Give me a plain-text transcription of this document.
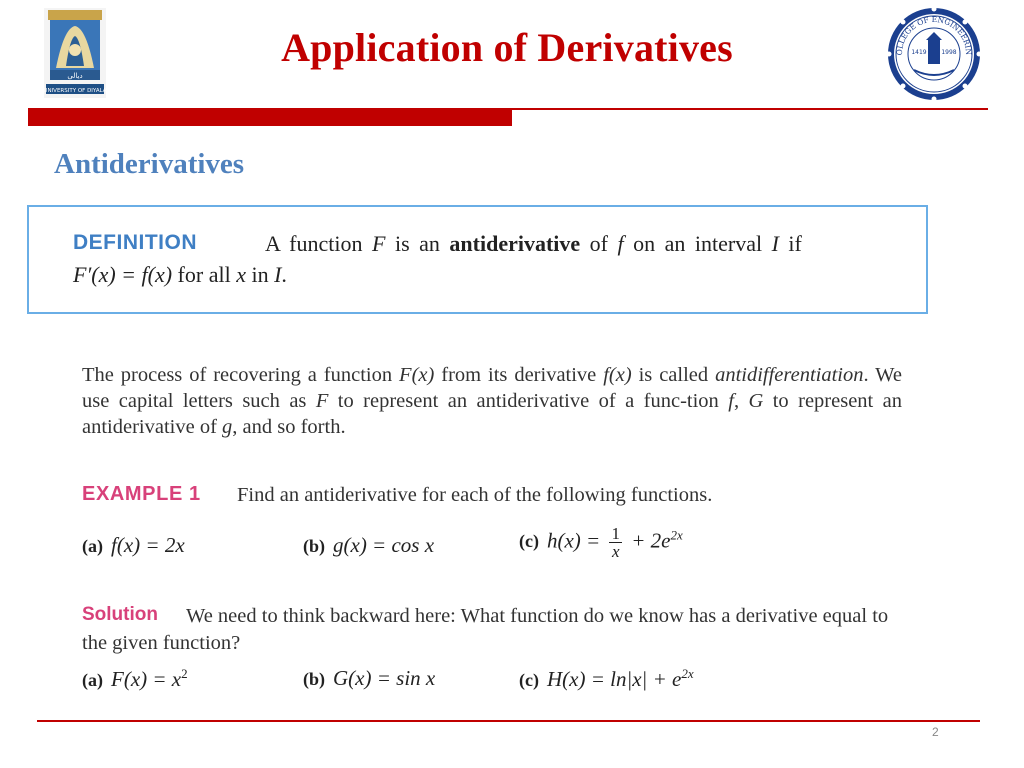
ﺩﻳﺎﻟﻰ
UNIVERSITY OF DIYALA
Application of Derivatives	OLLEGE OF ENGINEERIN
1419 1998
Antiderivatives
DEFINITION	A function F is an antiderivative of f on an interval I if
F′(x) = f(x) for all x in I.
The process of recovering a function F(x) from its derivative f(x) is called antidifferentiation. We use capital letters such as F to represent an antiderivative of a func-tion f, G to represent an antiderivative of g, and so forth.
EXAMPLE 1 Find an antiderivative for each of the following functions.
(a) f(x) = 2x	(b) g(x) = cos x	(c) $h(x) = \frac{1}{x} + 2e^{2x}$
Solution	We need to think backward here: What function do we know has a derivative equal to the given function?
(a) $F(x) = x^2$	(b) G(x) = sin x	(c) $H(x) = \ln|x| + e^{2x}$
2
